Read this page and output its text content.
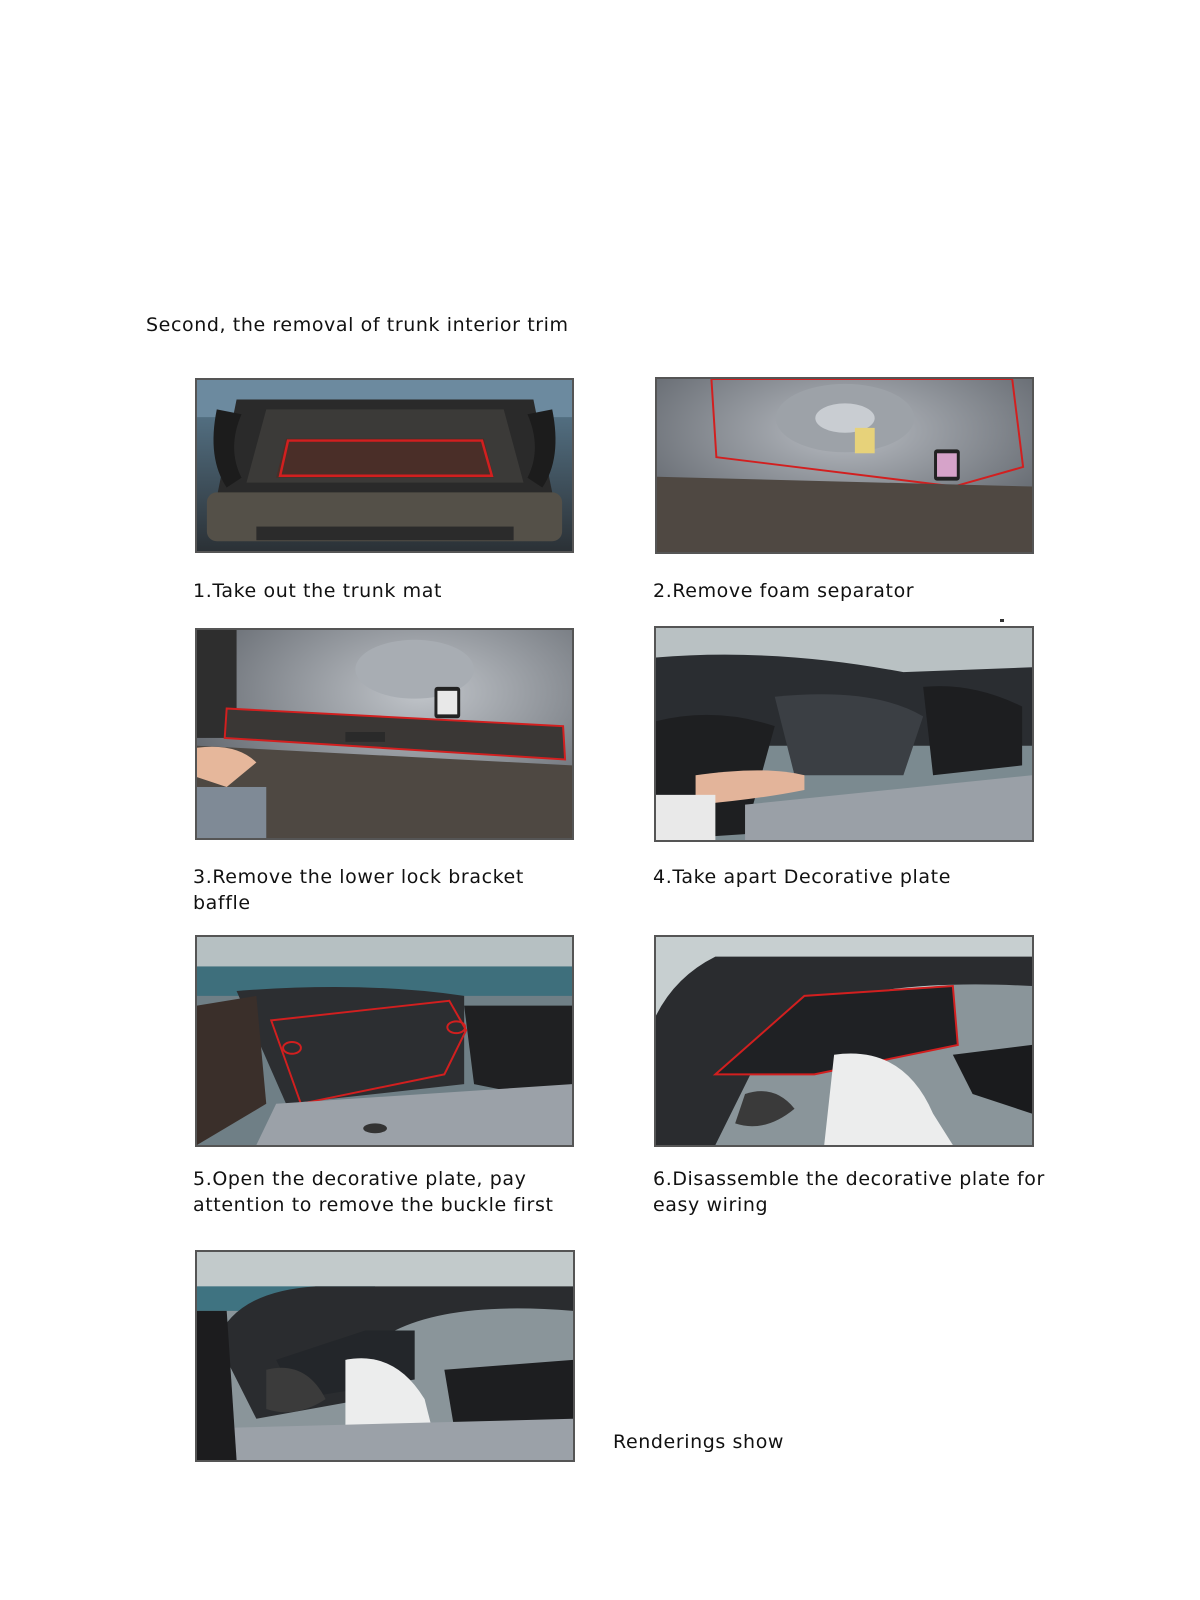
Second, the removal of trunk interior trim
1.Take out the trunk mat	2.Remove foam separator
3.Remove the lower lock bracket baffle
4.Take apart Decorative plate
5.Open the decorative plate, pay attention to remove the buckle first
6.Disassemble the decorative plate for easy wiring
Renderings show
